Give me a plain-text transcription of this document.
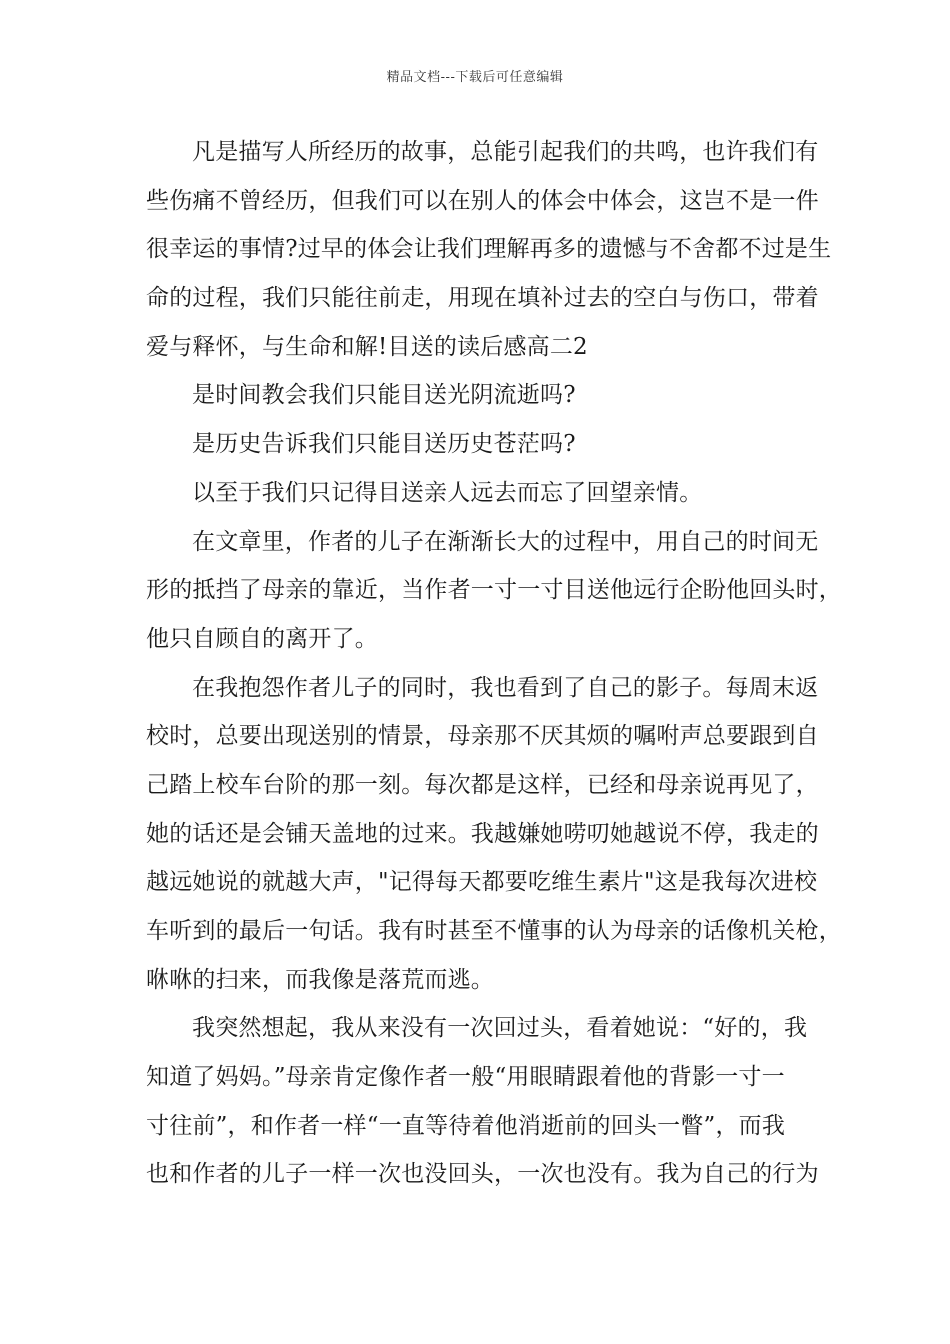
精品文档---下载后可任意编辑
凡是描写人所经历的故事，总能引起我们的共鸣，也许我们有
些伤痛不曾经历，但我们可以在别人的体会中体会，这岂不是一件
很幸运的事情?过早的体会让我们理解再多的遗憾与不舍都不过是生
命的过程，我们只能往前走，用现在填补过去的空白与伤口，带着
爱与释怀，与生命和解!目送的读后感高二2
是时间教会我们只能目送光阴流逝吗?
是历史告诉我们只能目送历史苍茫吗?
以至于我们只记得目送亲人远去而忘了回望亲情。
在文章里，作者的儿子在渐渐长大的过程中，用自己的时间无
形的抵挡了母亲的靠近，当作者一寸一寸目送他远行企盼他回头时，
他只自顾自的离开了。
在我抱怨作者儿子的同时，我也看到了自己的影子。每周末返
校时，总要出现送别的情景，母亲那不厌其烦的嘱咐声总要跟到自
己踏上校车台阶的那一刻。每次都是这样，已经和母亲说再见了，
她的话还是会铺天盖地的过来。我越嫌她唠叨她越说不停，我走的
越远她说的就越大声，"记得每天都要吃维生素片"这是我每次进校
车听到的最后一句话。我有时甚至不懂事的认为母亲的话像机关枪，
咻咻的扫来，而我像是落荒而逃。
我突然想起，我从来没有一次回过头，看着她说：“好的，我
知道了妈妈。”母亲肯定像作者一般“用眼睛跟着他的背影一寸一
寸往前”，和作者一样“一直等待着他消逝前的回头一瞥”，而我
也和作者的儿子一样一次也没回头，一次也没有。我为自己的行为
